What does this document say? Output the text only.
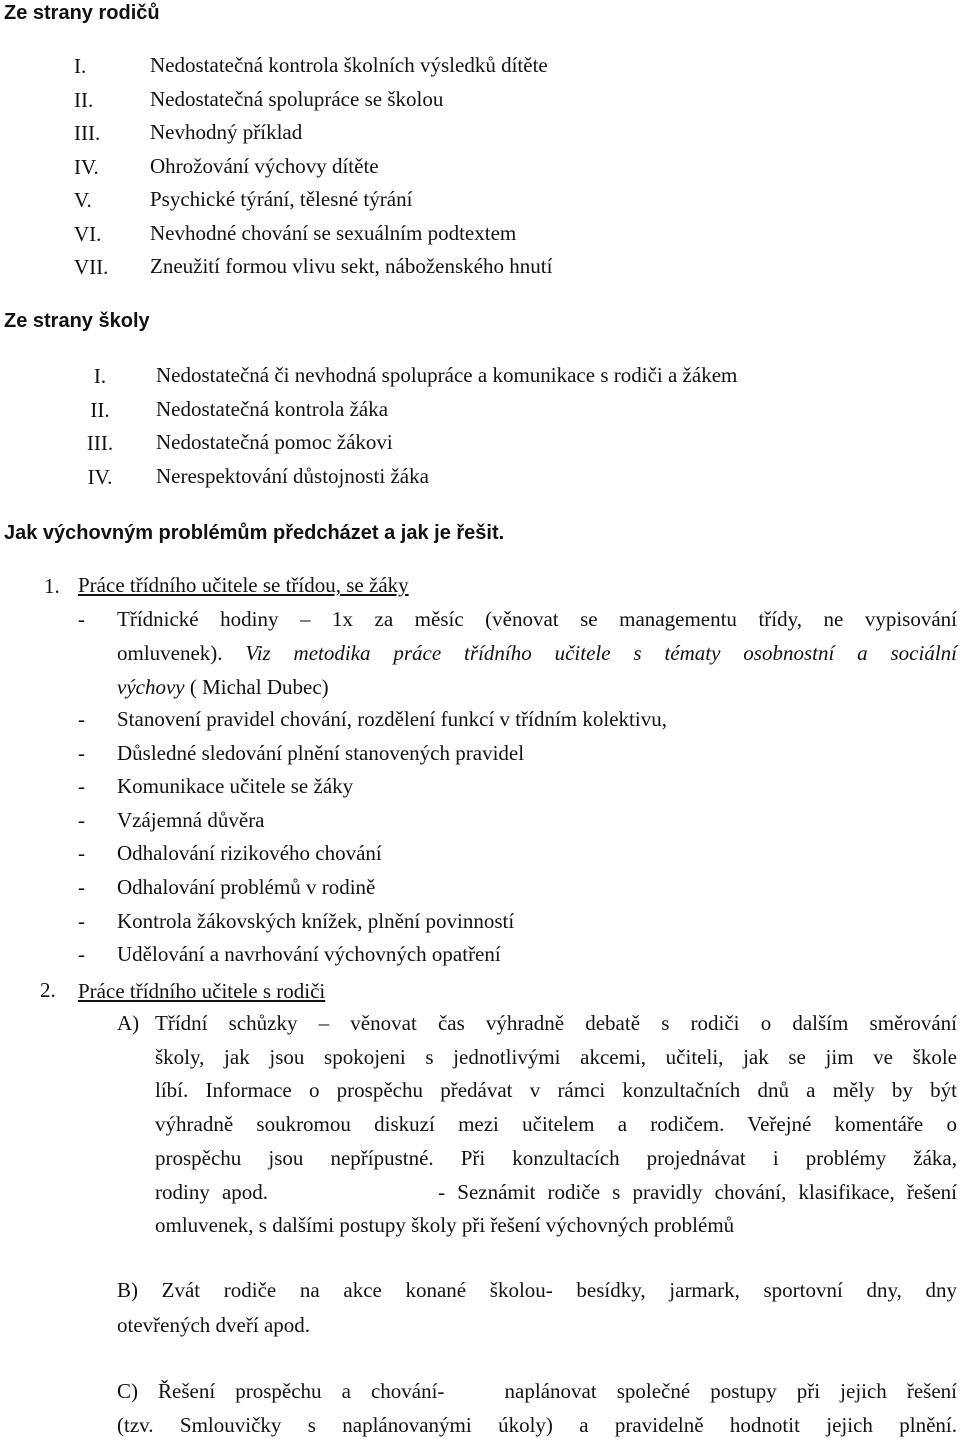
Ze strany rodičů
I.	Nedostatečná kontrola školních výsledků dítěte
II.	Nedostatečná spolupráce se školou
III. Nevhodný příklad
IV. Ohrožování výchovy dítěte
V.	Psychické týrání, tělesné týrání
VI. Nevhodné chování se sexuálním podtextem
VII. Zneužití formou vlivu sekt, náboženského hnutí
Ze strany školy
I.	Nedostatečná či nevhodná spolupráce a komunikace s rodiči a žákem
II.	Nedostatečná kontrola žáka
III.	Nedostatečná pomoc žákovi
IV.	Nerespektování důstojnosti žáka
Jak výchovným problémům předcházet a jak je řešit.
1. Práce třídního učitele se třídou, se žáky
- Třídnické hodiny – 1x za měsíc (věnovat se managementu třídy, ne vypisování
omluvenek). Viz metodika práce třídního učitele s tématy osobnostní a sociální
výchovy ( Michal Dubec)
- Stanovení pravidel chování, rozdělení funkcí v třídním kolektivu,
- Důsledné sledování plnění stanovených pravidel
- Komunikace učitele se žáky
- Vzájemná důvěra
- Odhalování rizikového chování
- Odhalování problémů v rodině
- Kontrola žákovských knížek, plnění povinností
- Udělování a navrhování výchovných opatření
2. Práce třídního učitele s rodiči
A) Třídní schůzky – věnovat čas výhradně debatě s rodiči o dalším směrování
školy, jak jsou spokojeni s jednotlivými akcemi, učiteli, jak se jim ve škole
líbí. Informace o prospěchu předávat v rámci konzultačních dnů a měly by být
výhradně soukromou diskuzí mezi učitelem a rodičem. Veřejné komentáře o
prospěchu jsou nepřípustné. Při konzultacích projednávat i problémy žáka,
rodiny apod.              - Seznámit rodiče s pravidly chování, klasifikace, řešení
omluvenek, s dalšími postupy školy při řešení výchovných problémů
B) Zvát rodiče na akce konané školou- besídky, jarmark, sportovní dny, dny
otevřených dveří apod.
C) Řešení prospěchu a chování-   naplánovat společné postupy při jejich řešení
(tzv. Smlouvičky s naplánovanými úkoly) a pravidelně hodnotit jejich plnění.
